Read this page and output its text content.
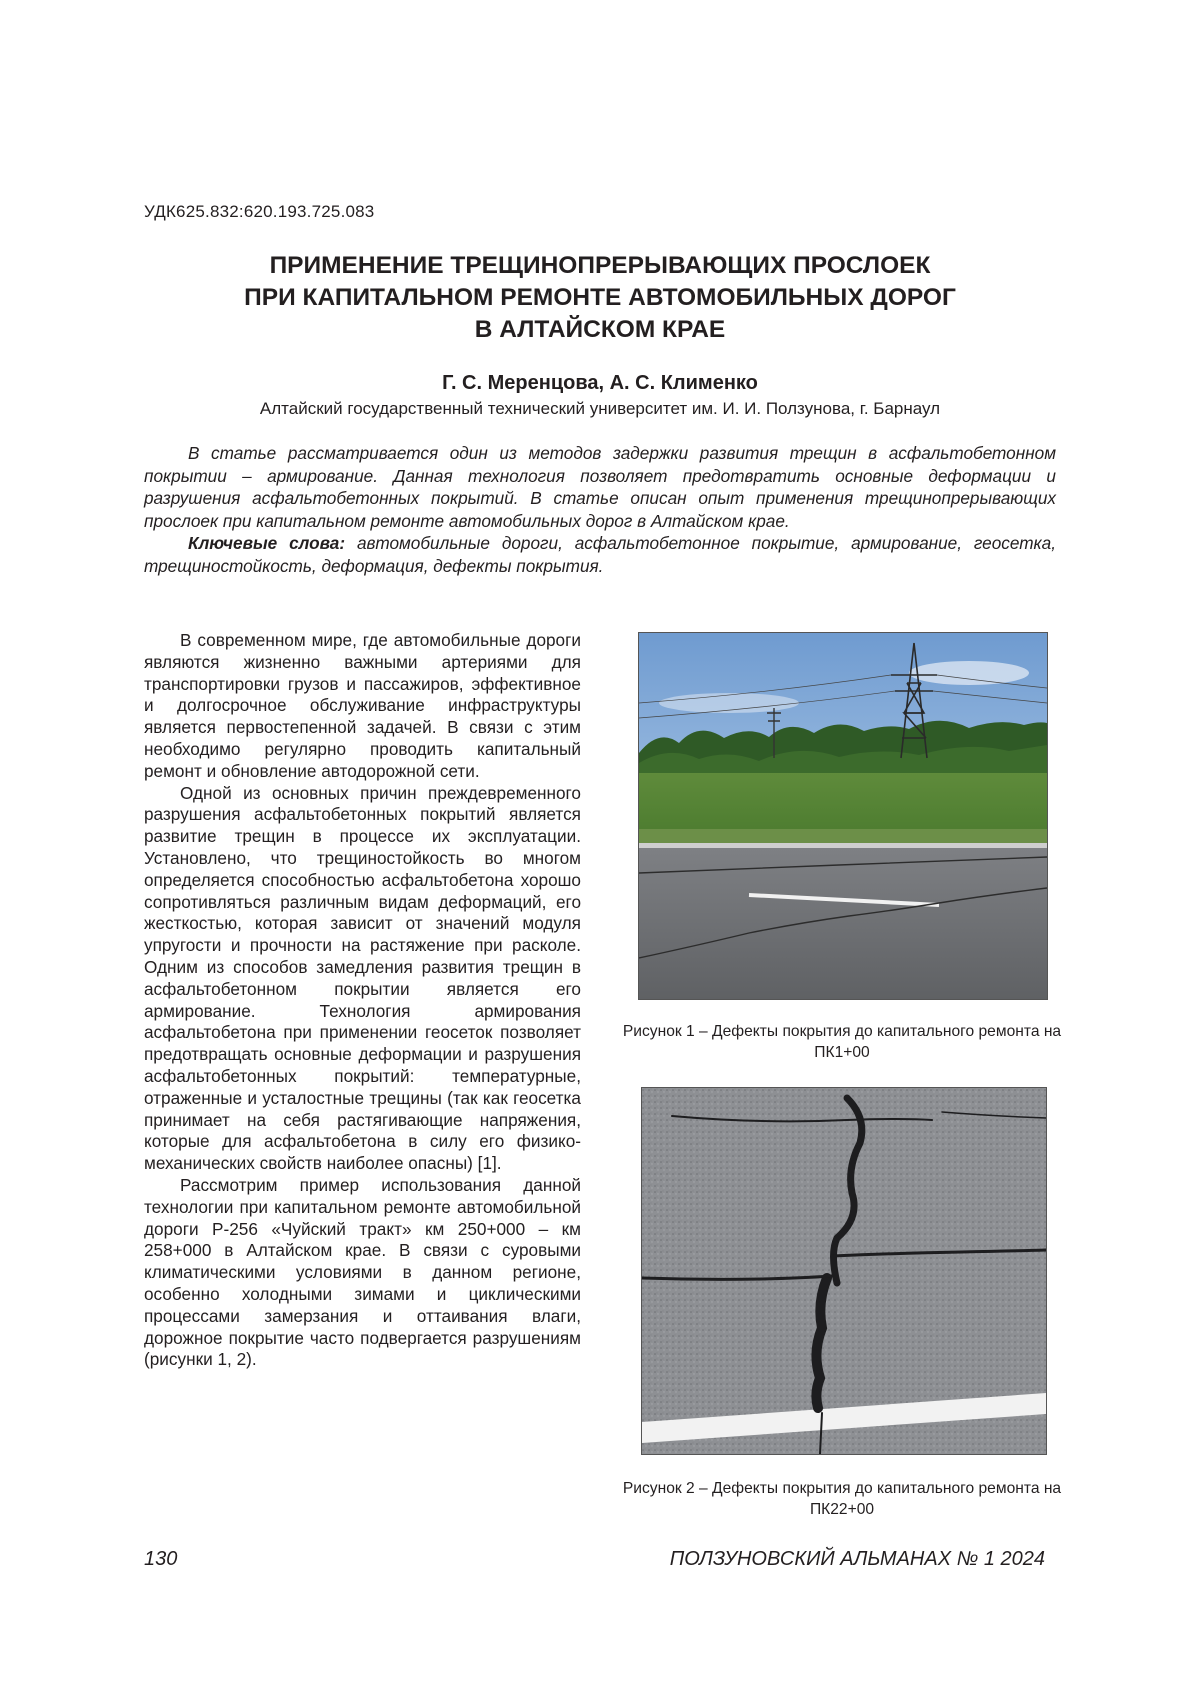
УДК625.832:620.193.725.083
ПРИМЕНЕНИЕ ТРЕЩИНОПРЕРЫВАЮЩИХ ПРОСЛОЕК
ПРИ КАПИТАЛЬНОМ РЕМОНТЕ АВТОМОБИЛЬНЫХ ДОРОГ
В АЛТАЙСКОМ КРАЕ
Г. С. Меренцова, А. С. Клименко
Алтайский государственный технический университет им. И. И. Ползунова, г. Барнаул

В статье рассматривается один из методов задержки развития трещин в асфальтобетонном покрытии – армирование. Данная технология позволяет предотвратить основные деформации и разрушения асфальтобетонных покрытий. В статье описан опыт применения трещинопрерывающих прослоек при капитальном ремонте автомобильных дорог в Алтайском крае.

Ключевые слова: автомобильные дороги, асфальтобетонное покрытие, армирование, геосетка, трещиностойкость, деформация, дефекты покрытия.

В современном мире, где автомобильные дороги являются жизненно важными артериями для транспортировки грузов и пассажиров, эффективное и долгосрочное обслуживание инфраструктуры является первостепенной задачей. В связи с этим необходимо регулярно проводить капитальный ремонт и обновление автодорожной сети.

Одной из основных причин преждевременного разрушения асфальтобетонных покрытий является развитие трещин в процессе их эксплуатации. Установлено, что трещиностойкость во многом определяется способностью асфальтобетона хорошо сопротивляться различным видам деформаций, его жесткостью, которая зависит от значений модуля упругости и прочности на растяжение при расколе. Одним из способов замедления развития трещин в асфальтобетонном покрытии является его армирование. Технология армирования асфальтобетона при применении геосеток позволяет предотвращать основные деформации и разрушения асфальтобетонных покрытий: температурные, отраженные и усталостные трещины (так как геосетка принимает на себя растягивающие напряжения, которые для асфальтобетона в силу его физико-механических свойств наиболее опасны) [1].

Рассмотрим пример использования данной технологии при капитальном ремонте автомобильной дороги Р-256 «Чуйский тракт» км 250+000 – км 258+000 в Алтайском крае. В связи с суровыми климатическими условиями в данном регионе, особенно холодными зимами и циклическими процессами замерзания и оттаивания влаги, дорожное покрытие часто подвергается разрушениям (рисунки 1, 2).

Рисунок 1 – Дефекты покрытия до капитального ремонта на ПК1+00
Рисунок 2 – Дефекты покрытия до капитального ремонта на ПК22+00
130	ПОЛЗУНОВСКИЙ АЛЬМАНАХ № 1 2024
